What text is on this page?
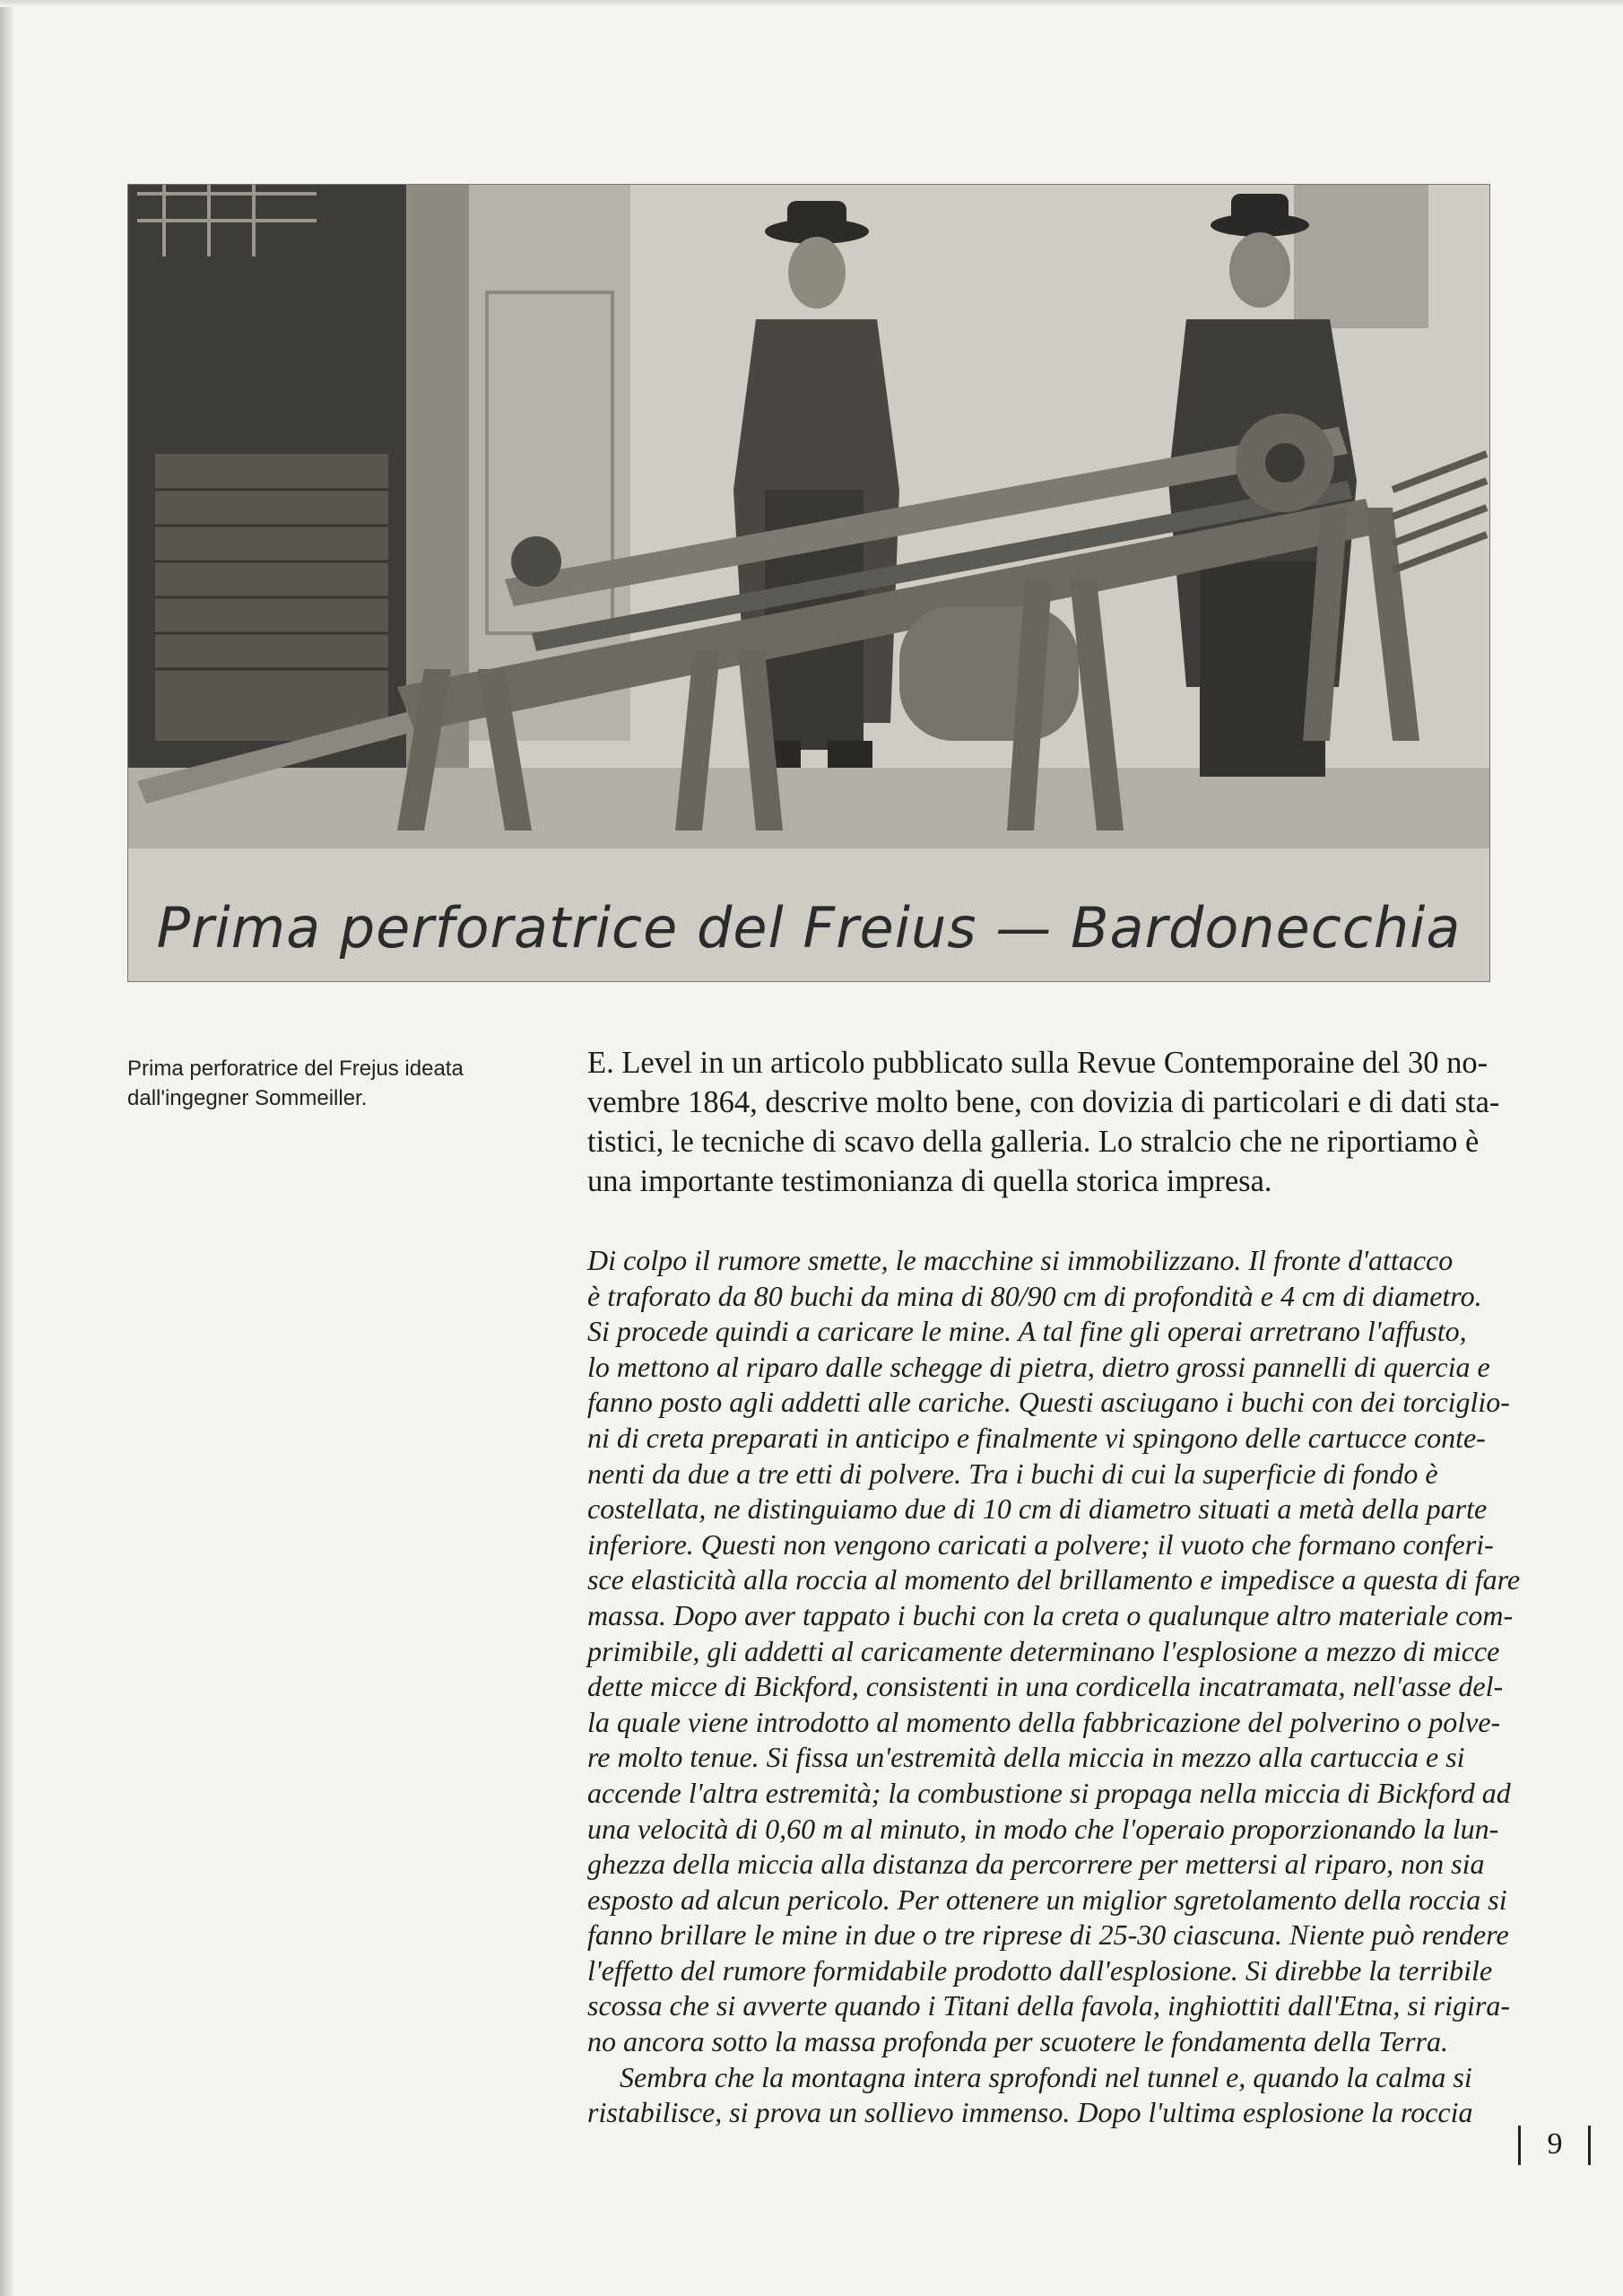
Prima perforatrice del Freius — Bardonecchia
Prima perforatrice del Frejus ideata
dall'ingegner Sommeiller.
E. Level in un articolo pubblicato sulla Revue Contemporaine del 30 no-
vembre 1864, descrive molto bene, con dovizia di particolari e di dati sta-
tistici, le tecniche di scavo della galleria. Lo stralcio che ne riportiamo è
una importante testimonianza di quella storica impresa.
Di colpo il rumore smette, le macchine si immobilizzano. Il fronte d'attacco
è traforato da 80 buchi da mina di 80/90 cm di profondità e 4 cm di diametro.
Si procede quindi a caricare le mine. A tal fine gli operai arretrano l'affusto,
lo mettono al riparo dalle schegge di pietra, dietro grossi pannelli di quercia e
fanno posto agli addetti alle cariche. Questi asciugano i buchi con dei torciglio-
ni di creta preparati in anticipo e finalmente vi spingono delle cartucce conte-
nenti da due a tre etti di polvere. Tra i buchi di cui la superficie di fondo è
costellata, ne distinguiamo due di 10 cm di diametro situati a metà della parte
inferiore. Questi non vengono caricati a polvere; il vuoto che formano conferi-
sce elasticità alla roccia al momento del brillamento e impedisce a questa di fare
massa. Dopo aver tappato i buchi con la creta o qualunque altro materiale com-
primibile, gli addetti al caricamente determinano l'esplosione a mezzo di micce
dette micce di Bickford, consistenti in una cordicella incatramata, nell'asse del-
la quale viene introdotto al momento della fabbricazione del polverino o polve-
re molto tenue. Si fissa un'estremità della miccia in mezzo alla cartuccia e si
accende l'altra estremità; la combustione si propaga nella miccia di Bickford ad
una velocità di 0,60 m al minuto, in modo che l'operaio proporzionando la lun-
ghezza della miccia alla distanza da percorrere per mettersi al riparo, non sia
esposto ad alcun pericolo. Per ottenere un miglior sgretolamento della roccia si
fanno brillare le mine in due o tre riprese di 25-30 ciascuna. Niente può rendere
l'effetto del rumore formidabile prodotto dall'esplosione. Si direbbe la terribile
scossa che si avverte quando i Titani della favola, inghiottiti dall'Etna, si rigira-
no ancora sotto la massa profonda per scuotere le fondamenta della Terra.
Sembra che la montagna intera sprofondi nel tunnel e, quando la calma si
ristabilisce, si prova un sollievo immenso. Dopo l'ultima esplosione la roccia
9
